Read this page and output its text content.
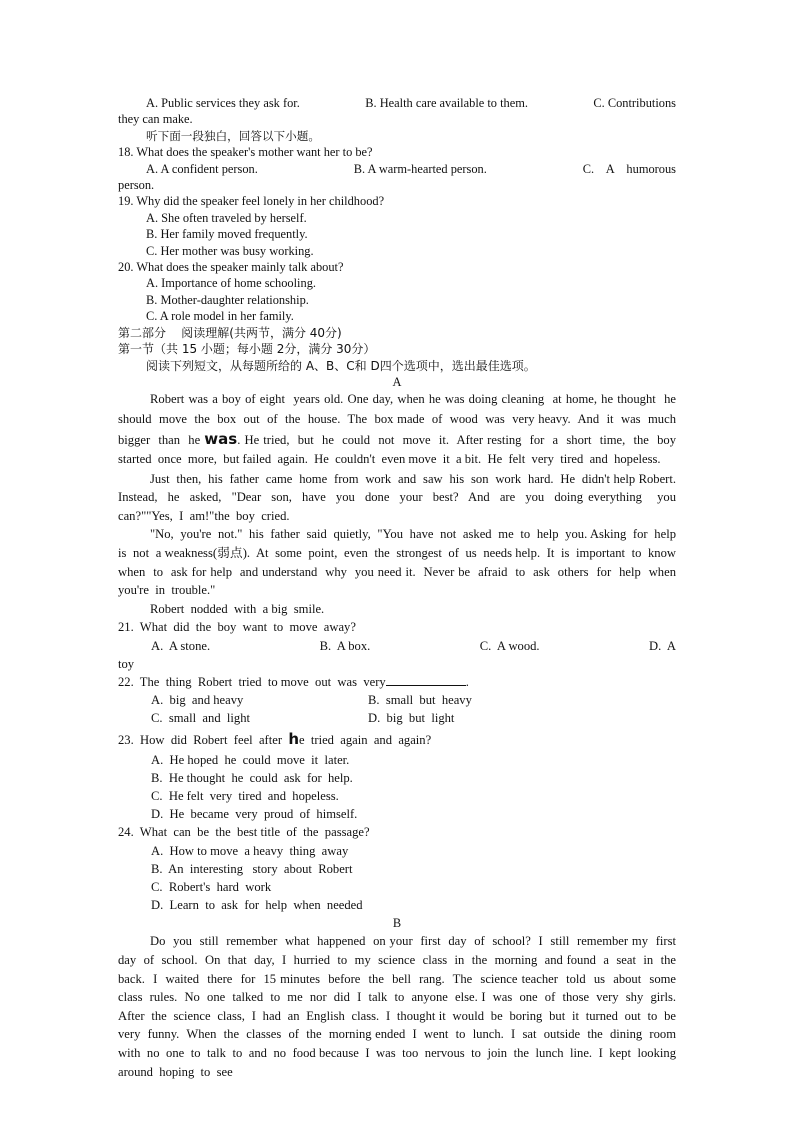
A. Public services they ask for.	B. Health care available to them.	C. Contributions
they can make.
听下面一段独白，回答以下小题。
18. What does the speaker's mother want her to be?
A. A confident person.	B. A warm-hearted person.	C.    A    humorous
person.
19. Why did the speaker feel lonely in her childhood?
A. She often traveled by herself.
B. Her family moved frequently.
C. Her mother was busy working.
20. What does the speaker mainly talk about?
A. Importance of home schooling.
B. Mother-daughter relationship.
C. A role model in her family.
第二部分    阅读理解(共两节，满分 40分)
第一节（共 15 小题；每小题 2分，满分 30分）
阅读下列短文，从每题所给的 A、B、C和 D四个选项中，选出最佳选项。
A
Robert was a boy of eight  years old. One day, when he was doing cleaning  at home, he thought  he  should  move  the  box  out  of  the  house.  The  box made  of  wood  was  very heavy.  And  it  was  much  bigger  than  he was. He tried,  but  he  could  not  move  it.  After resting  for  a  short  time,  the  boy  started  once  more,  but failed  again.  He  couldn't  even move  it  a bit.  He  felt  very  tired  and  hopeless.
Just  then,  his  father  came  home  from  work  and  saw  his  son  work  hard.  He  didn't help Robert.  Instead,  he  asked,  "Dear  son,  have  you  done  your  best?  And  are  you  doing everything   you  can?""Yes,  I  am!"the  boy  cried.
"No,  you're  not."  his  father  said  quietly,  "You  have  not  asked  me  to  help  you. Asking  for  help  is  not  a weakness(弱点).  At  some  point,  even  the  strongest  of  us  needs help.  It  is  important  to  know when  to  ask for help  and understand  why  you need it.  Never be  afraid  to  ask  others  for  help  when  you're  in  trouble."
Robert  nodded  with  a big  smile.
21.  What  did  the  boy  want  to  move  away?
A.  A stone.	B.  A box.	C.  A wood.	D.  A
toy
22.  The  thing  Robert  tried  to move  out  was  very	.
A.  big  and heavy	B.  small  but  heavy
C.  small  and  light	D.  big  but  light
23.  How  did  Robert  feel  after  he  tried  again  and  again?
A.  He hoped  he  could  move  it  later.
B.  He thought  he  could  ask  for  help.
C.  He felt  very  tired  and  hopeless.
D.  He  became  very  proud  of  himself.
24.  What  can  be  the  best title  of  the  passage?
A.  How to move  a heavy  thing  away
B.  An  interesting   story  about  Robert
C.  Robert's  hard  work
D.  Learn  to  ask  for  help  when  needed
B
Do  you  still  remember  what  happened  on your  first  day  of  school?  I  still  remember my  first  day  of  school.  On  that  day,  I  hurried  to  my  science  class  in  the  morning  and found  a  seat  in  the  back.  I  waited  there  for  15 minutes  before  the  bell  rang.  The  science teacher  told  us  about  some  class  rules.  No  one  talked  to  me  nor  did  I  talk  to  anyone  else. I  was  one  of  those  very  shy  girls.  After  the  science  class,  I  had  an  English  class.  I  thought it  would  be  boring  but  it  turned  out  to  be  very  funny.  When  the  classes  of  the  morning ended  I  went  to  lunch.  I  sat  outside  the  dining  room  with  no  one  to  talk  to  and  no  food because  I  was  too  nervous  to  join  the  lunch  line.  I  kept  looking  around  hoping  to  see
